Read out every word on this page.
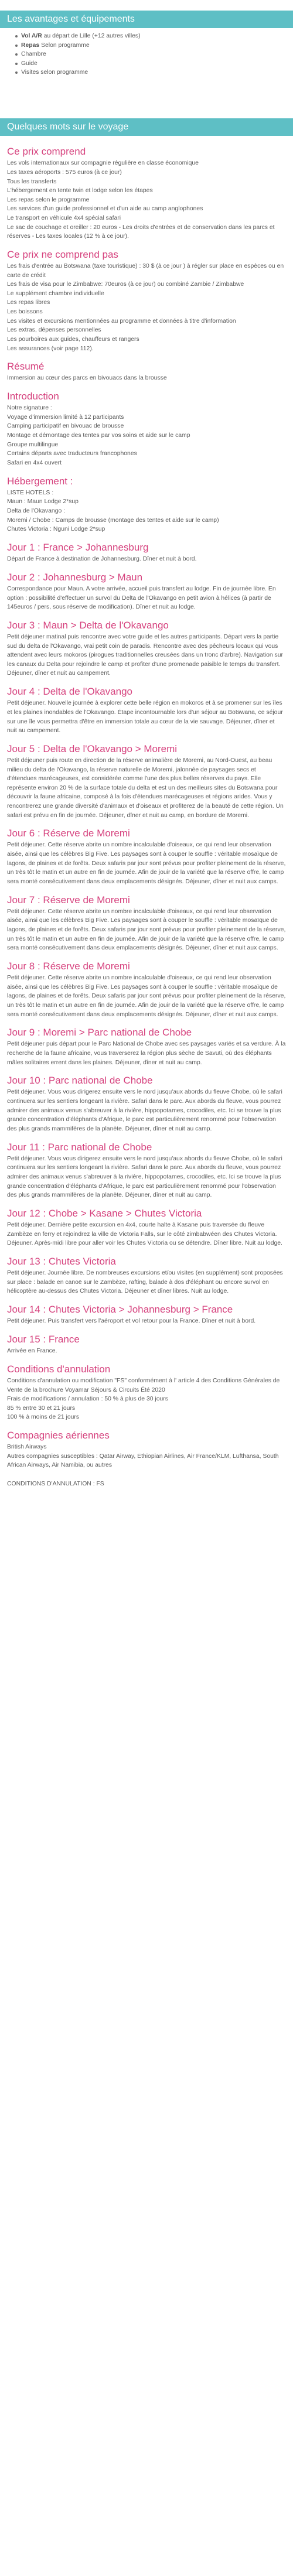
Les avantages et équipements
Vol A/R au départ de Lille (+12 autres villes)
Repas Selon programme
Chambre
Guide
Visites selon programme
Quelques mots sur le voyage
Ce prix comprend
Les vols internationaux sur compagnie régulière en classe économique
Les taxes aéroports : 575 euros (à ce jour)
Tous les transferts
L'hébergement en tente twin et lodge selon les étapes
Les repas selon le programme
Les services d'un guide professionnel et d'un aide au camp anglophones
Le transport en véhicule 4x4 spécial safari
Le sac de couchage et oreiller : 20 euros - Les droits d'entrées et de conservation dans les parcs et réserves - Les taxes locales (12 % à ce jour).
Ce prix ne comprend pas
Les frais d'entrée au Botswana (taxe touristique) : 30 $ (à ce jour ) à régler sur place en espèces ou en carte de crédit
Les frais de visa pour le Zimbabwe: 70euros (à ce jour) ou combiné Zambie / Zimbabwe
Le supplément chambre individuelle
Les repas libres
Les boissons
Les visites et excursions mentionnées au programme et données à titre d'information
Les extras, dépenses personnelles
Les pourboires aux guides, chauffeurs et rangers
Les assurances (voir page 112).
Résumé
Immersion au cœur des parcs en bivouacs dans la brousse
Introduction
Notre signature :
Voyage d'immersion limité à 12 participants
Camping participatif en bivouac de brousse
Montage et démontage des tentes par vos soins et aide sur le camp
Groupe multilingue
Certains départs avec traducteurs francophones
Safari en 4x4 ouvert
Hébergement :
LISTE HOTELS :
Maun : Maun Lodge 2*sup
Delta de l'Okavango :
Moremi / Chobe : Camps de brousse (montage des tentes et aide sur le camp)
Chutes Victoria : Nguni Lodge 2*sup
Jour 1 : France > Johannesburg
Départ de France à destination de Johannesburg. Dîner et nuit à bord.
Jour 2 : Johannesburg > Maun
Correspondance pour Maun. A votre arrivée, accueil puis transfert au lodge. Fin de journée libre. En option : possibilité d'effectuer un survol du Delta de l'Okavango en petit avion à hélices (à partir de 145euros / pers, sous réserve de modification). Dîner et nuit au lodge.
Jour 3 : Maun > Delta de l'Okavango
Petit déjeuner matinal puis rencontre avec votre guide et les autres participants. Départ vers la partie sud du delta de l'Okavango, vrai petit coin de paradis. Rencontre avec des pêcheurs locaux qui vous attendent avec leurs mokoros (pirogues traditionnelles creusées dans un tronc d'arbre). Navigation sur les canaux du Delta pour rejoindre le camp et profiter d'une promenade paisible le temps du transfert. Déjeuner, dîner et nuit au campement.
Jour 4 : Delta de l'Okavango
Petit déjeuner. Nouvelle journée à explorer cette belle région en mokoros et à se promener sur les îles et les plaines inondables de l'Okavango. Étape incontournable lors d'un séjour au Botswana, ce séjour sur une île vous permettra d'être en immersion totale au cœur de la vie sauvage. Déjeuner, dîner et nuit au campement.
Jour 5 : Delta de l'Okavango > Moremi
Petit déjeuner puis route en direction de la réserve animalière de Moremi, au Nord-Ouest, au beau milieu du delta de l'Okavango, la réserve naturelle de Moremi, jalonnée de paysages secs et d'étendues marécageuses, est considérée comme l'une des plus belles réserves du pays. Elle représente environ 20 % de la surface totale du delta et est un des meilleurs sites du Botswana pour découvrir la faune africaine, composé à la fois d'étendues marécageuses et régions arides. Vous y rencontrerez une grande diversité d'animaux et d'oiseaux et profiterez de la beauté de cette région. Un safari est prévu en fin de journée. Déjeuner, dîner et nuit au camp, en bordure de Moremi.
Jour 6 : Réserve de Moremi
Petit déjeuner. Cette réserve abrite un nombre incalculable d'oiseaux, ce qui rend leur observation aisée, ainsi que les célèbres Big Five. Les paysages sont à couper le souffle : véritable mosaïque de lagons, de plaines et de forêts. Deux safaris par jour sont prévus pour profiter pleinement de la réserve, un très tôt le matin et un autre en fin de journée. Afin de jouir de la variété que la réserve offre, le camp sera monté consécutivement dans deux emplacements désignés. Déjeuner, dîner et nuit aux camps.
Jour 7 : Réserve de Moremi
Petit déjeuner. Cette réserve abrite un nombre incalculable d'oiseaux, ce qui rend leur observation aisée, ainsi que les célèbres Big Five. Les paysages sont à couper le souffle : véritable mosaïque de lagons, de plaines et de forêts. Deux safaris par jour sont prévus pour profiter pleinement de la réserve, un très tôt le matin et un autre en fin de journée. Afin de jouir de la variété que la réserve offre, le camp sera monté consécutivement dans deux emplacements désignés. Déjeuner, dîner et nuit aux camps.
Jour 8 : Réserve de Moremi
Petit déjeuner. Cette réserve abrite un nombre incalculable d'oiseaux, ce qui rend leur observation aisée, ainsi que les célèbres Big Five. Les paysages sont à couper le souffle : véritable mosaïque de lagons, de plaines et de forêts. Deux safaris par jour sont prévus pour profiter pleinement de la réserve, un très tôt le matin et un autre en fin de journée. Afin de jouir de la variété que la réserve offre, le camp sera monté consécutivement dans deux emplacements désignés. Déjeuner, dîner et nuit aux camps.
Jour 9 : Moremi > Parc national de Chobe
Petit déjeuner puis départ pour le Parc National de Chobe avec ses paysages variés et sa verdure. À la recherche de la faune africaine, vous traverserez la région plus sèche de Savuti, où des éléphants mâles solitaires errent dans les plaines. Déjeuner, dîner et nuit au camp.
Jour 10 : Parc national de Chobe
Petit déjeuner. Vous vous dirigerez ensuite vers le nord jusqu'aux abords du fleuve Chobe, où le safari continuera sur les sentiers longeant la rivière. Safari dans le parc. Aux abords du fleuve, vous pourrez admirer des animaux venus s'abreuver à la rivière, hippopotames, crocodiles, etc. Ici se trouve la plus grande concentration d'éléphants d'Afrique, le parc est particulièrement renommé pour l'observation des plus grands mammifères de la planète. Déjeuner, dîner et nuit au camp.
Jour 11 : Parc national de Chobe
Petit déjeuner. Vous vous dirigerez ensuite vers le nord jusqu'aux abords du fleuve Chobe, où le safari continuera sur les sentiers longeant la rivière. Safari dans le parc. Aux abords du fleuve, vous pourrez admirer des animaux venus s'abreuver à la rivière, hippopotames, crocodiles, etc. Ici se trouve la plus grande concentration d'éléphants d'Afrique, le parc est particulièrement renommé pour l'observation des plus grands mammifères de la planète. Déjeuner, dîner et nuit au camp.
Jour 12 : Chobe > Kasane > Chutes Victoria
Petit déjeuner. Dernière petite excursion en 4x4, courte halte à Kasane puis traversée du fleuve Zambèze en ferry et rejoindrez la ville de Victoria Falls, sur le côté zimbabwéen des Chutes Victoria. Déjeuner. Après-midi libre pour aller voir les Chutes Victoria ou se détendre. Dîner libre. Nuit au lodge.
Jour 13 : Chutes Victoria
Petit déjeuner. Journée libre. De nombreuses excursions et/ou visites (en supplément) sont proposées sur place : balade en canoë sur le Zambèze, rafting, balade à dos d'éléphant ou encore survol en hélicoptère au-dessus des Chutes Victoria. Déjeuner et dîner libres. Nuit au lodge.
Jour 14 : Chutes Victoria > Johannesburg > France
Petit déjeuner. Puis transfert vers l'aéroport et vol retour pour la France. Dîner et nuit à bord.
Jour 15 : France
Arrivée en France.
Conditions d'annulation
Conditions d'annulation ou modification "FS" conformément à l' article 4 des Conditions Générales de Vente de la brochure Voyamar Séjours & Circuits Été 2020
Frais de modifications / annulation : 50 % à plus de 30 jours
85 % entre 30 et 21 jours
100 % à moins de 21 jours
Compagnies aériennes
British Airways
Autres compagnies susceptibles : Qatar Airway, Ethiopian Airlines, Air France/KLM, Lufthansa, South African Airways, Air Namibia, ou autres

CONDITIONS D'ANNULATION : FS
